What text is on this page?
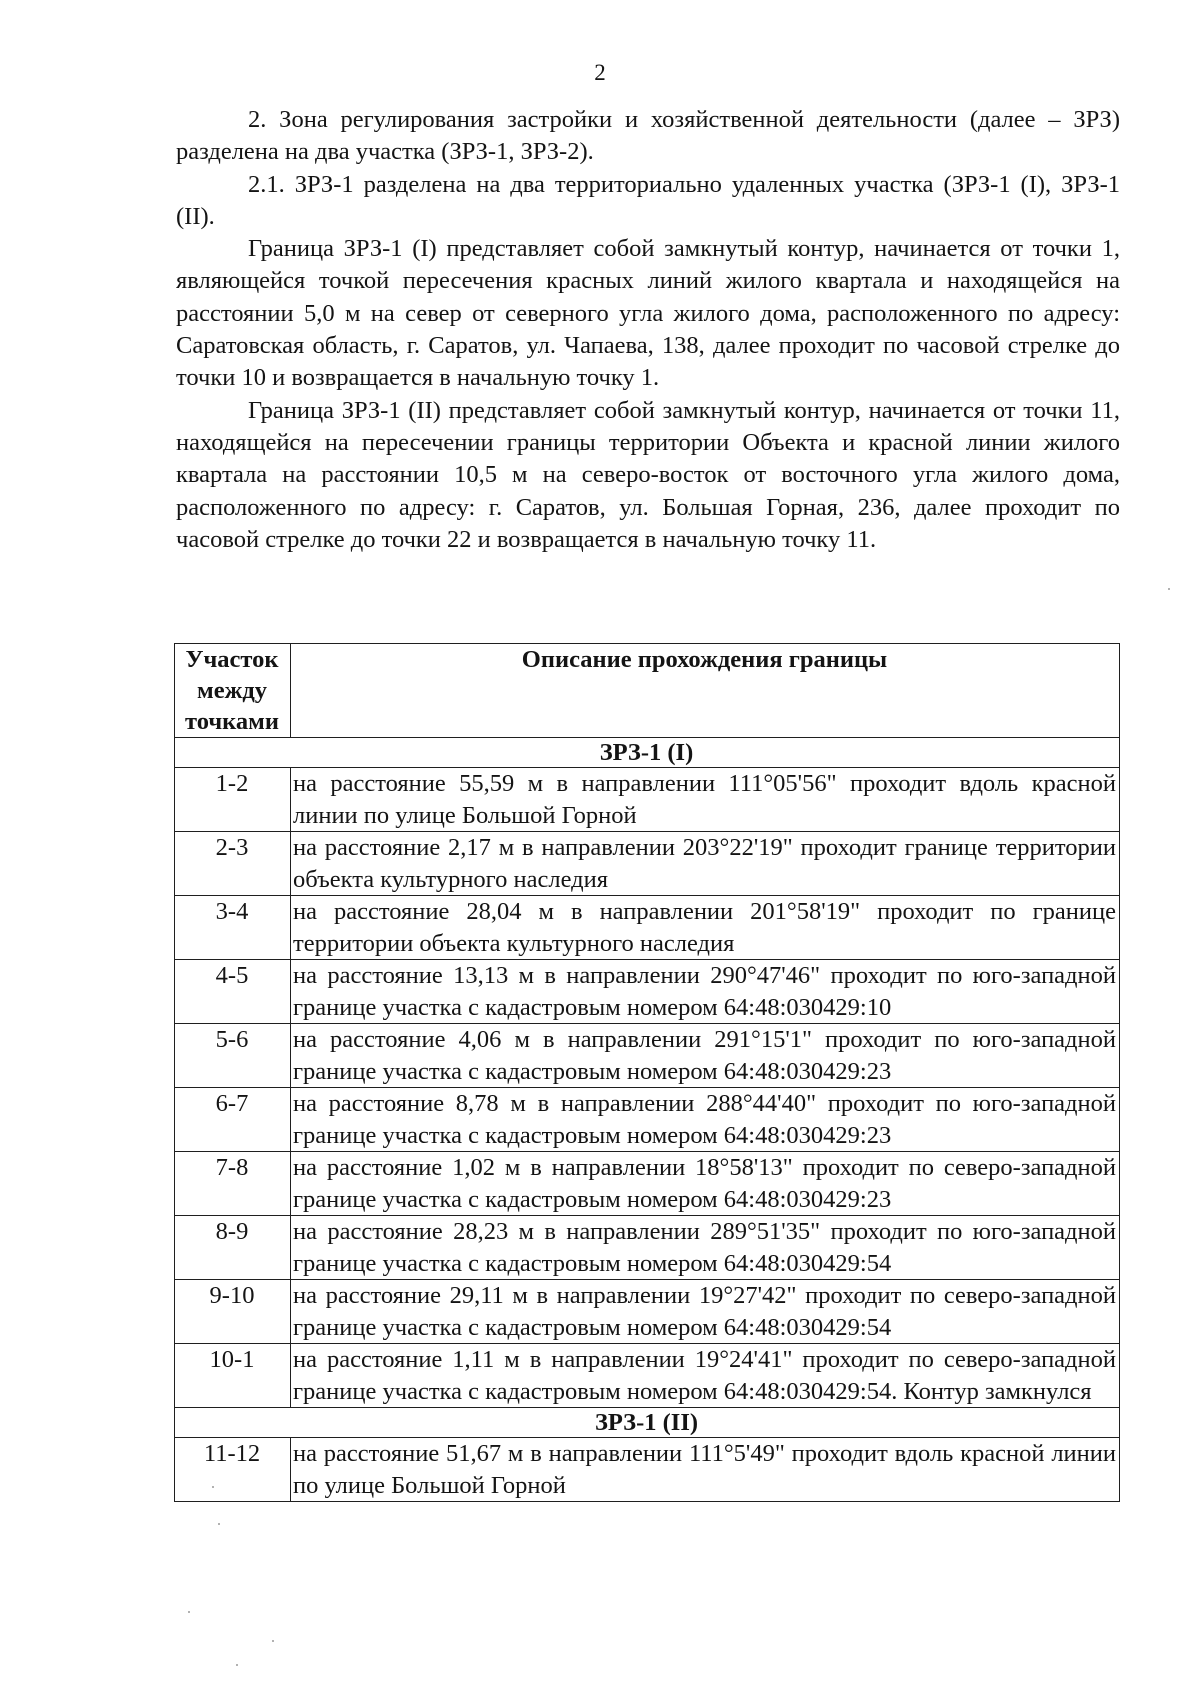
2

2. Зона регулирования застройки и хозяйственной деятельности (далее – ЗРЗ) разделена на два участка (ЗРЗ-1, ЗРЗ-2).

2.1. ЗРЗ-1 разделена на два территориально удаленных участка (ЗРЗ-1 (I), ЗРЗ-1 (II).

Граница ЗРЗ-1 (I) представляет собой замкнутый контур, начинается от точки 1, являющейся точкой пересечения красных линий жилого квартала и находящейся на расстоянии 5,0 м на север от северного угла жилого дома, расположенного по адресу: Саратовская область, г. Саратов, ул. Чапаева, 138, далее проходит по часовой стрелке до точки 10 и возвращается в начальную точку 1.

Граница ЗРЗ-1 (II) представляет собой замкнутый контур, начинается от точки 11, находящейся на пересечении границы территории Объекта и красной линии жилого квартала на расстоянии 10,5 м на северо-восток от восточного угла жилого дома, расположенного по адресу: г. Саратов, ул. Большая Горная, 236, далее проходит по часовой стрелке до точки 22 и возвращается в начальную точку 11.

Участок между точками	Описание прохождения границы
ЗРЗ-1 (I)	
1-2	на расстояние 55,59 м в направлении 111°05'56" проходит вдоль красной линии по улице Большой Горной
2-3	на расстояние 2,17 м в направлении 203°22'19" проходит границе территории объекта культурного наследия
3-4	на расстояние 28,04 м в направлении 201°58'19" проходит по границе территории объекта культурного наследия
4-5	на расстояние 13,13 м в направлении 290°47'46" проходит по юго-западной границе участка с кадастровым номером 64:48:030429:10
5-6	на расстояние 4,06 м в направлении 291°15'1" проходит по юго-западной границе участка с кадастровым номером 64:48:030429:23
6-7	на расстояние 8,78 м в направлении 288°44'40" проходит по юго-западной границе участка с кадастровым номером 64:48:030429:23
7-8	на расстояние 1,02 м в направлении 18°58'13" проходит по северо-западной границе участка с кадастровым номером 64:48:030429:23
8-9	на расстояние 28,23 м в направлении 289°51'35" проходит по юго-западной границе участка с кадастровым номером 64:48:030429:54
9-10	на расстояние 29,11 м в направлении 19°27'42" проходит по северо-западной границе участка с кадастровым номером 64:48:030429:54
10-1	на расстояние 1,11 м в направлении 19°24'41" проходит по северо-западной границе участка с кадастровым номером 64:48:030429:54. Контур замкнулся
ЗРЗ-1 (II)	
11-12	на расстояние 51,67 м в направлении 111°5'49" проходит вдоль красной линии по улице Большой Горной
